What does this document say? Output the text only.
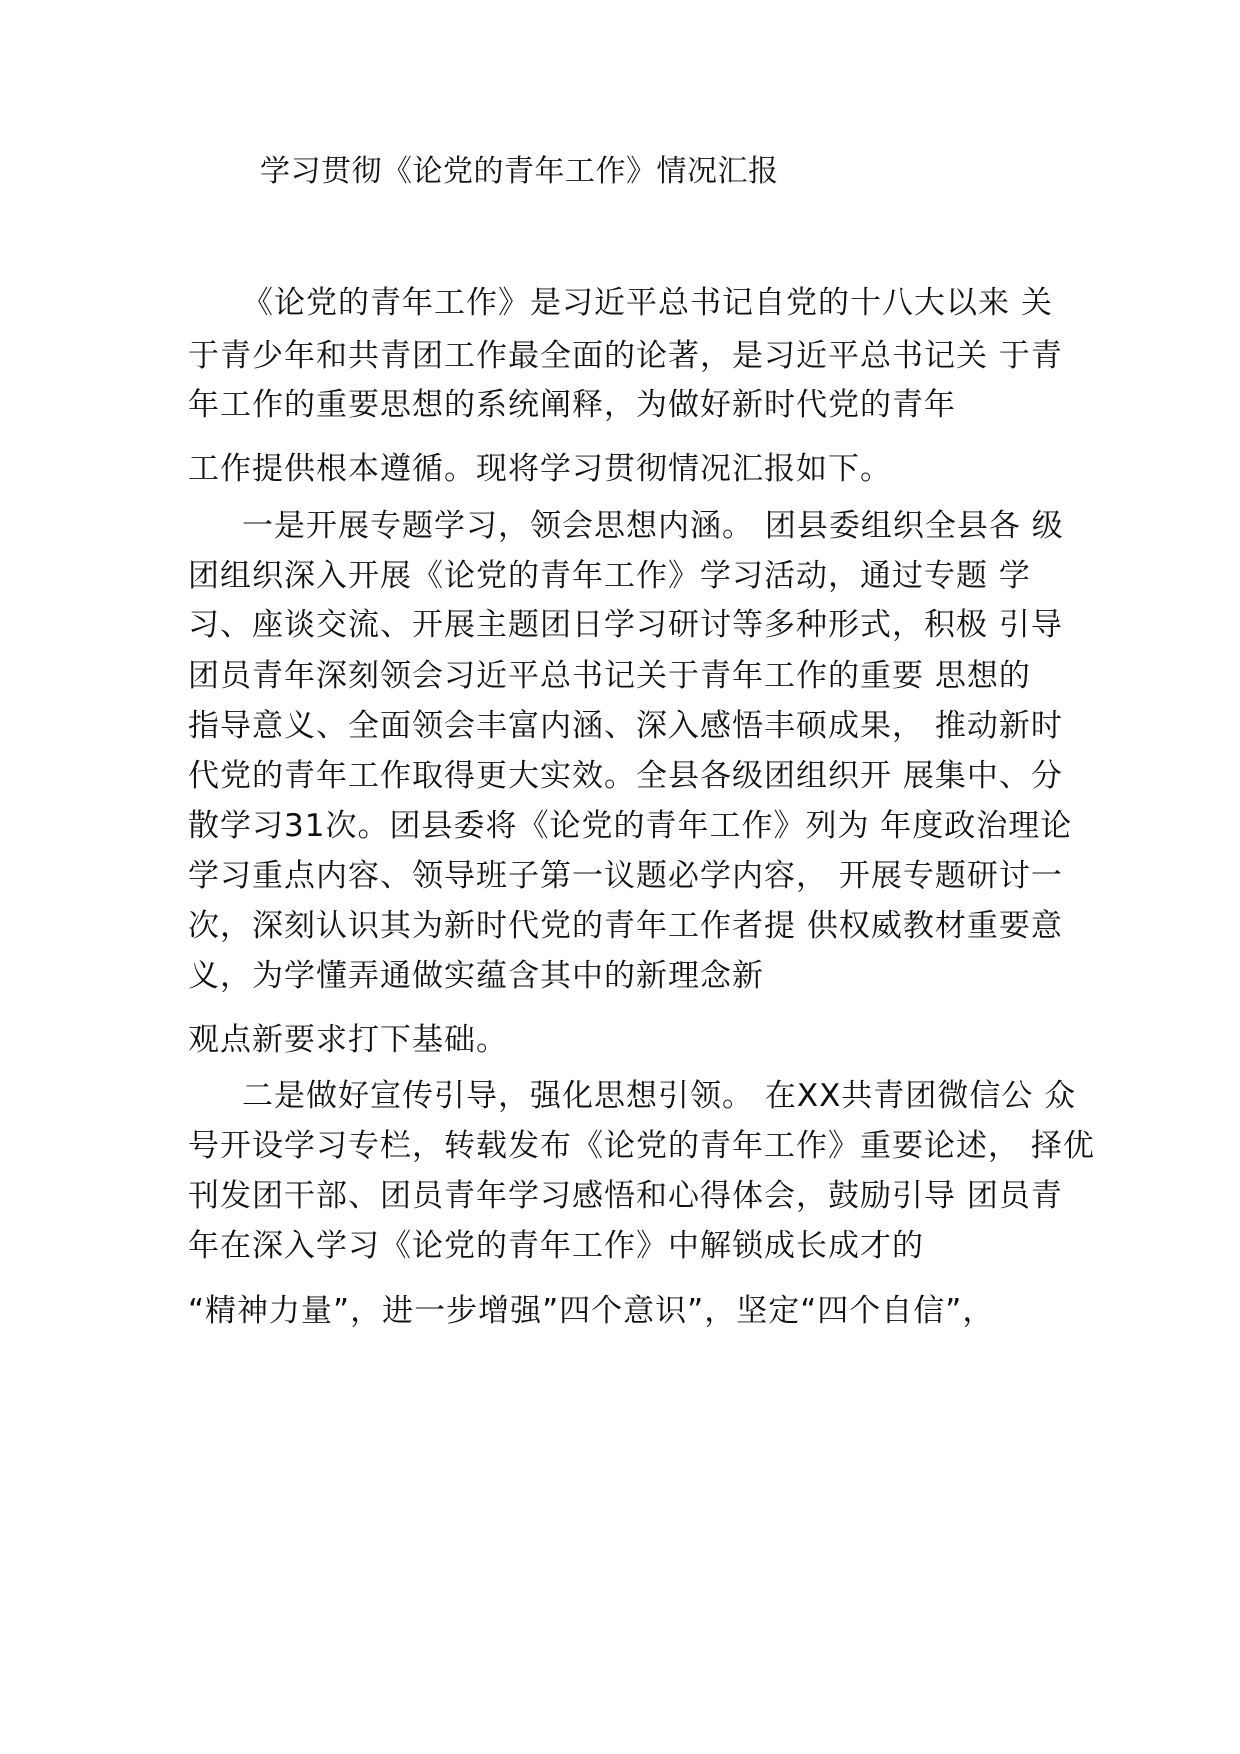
学习贯彻《论党的青年工作》情况汇报
《论党的青年工作》是习近平总书记自党的十八大以来 关
于青少年和共青团工作最全面的论著，是习近平总书记关 于青
年工作的重要思想的系统阐释，为做好新时代党的青年
工作提供根本遵循。现将学习贯彻情况汇报如下。
一是开展专题学习，领会思想内涵。 团县委组织全县各 级
团组织深入开展《论党的青年工作》学习活动，通过专题 学
习、座谈交流、开展主题团日学习研讨等多种形式，积极 引导
团员青年深刻领会习近平总书记关于青年工作的重要 思想的
指导意义、全面领会丰富内涵、深入感悟丰硕成果， 推动新时
代党的青年工作取得更大实效。全县各级团组织开 展集中、分
散学习31次。团县委将《论党的青年工作》列为 年度政治理论
学习重点内容、领导班子第一议题必学内容， 开展专题研讨一
次，深刻认识其为新时代党的青年工作者提 供权威教材重要意
义，为学懂弄通做实蕴含其中的新理念新
观点新要求打下基础。
二是做好宣传引导，强化思想引领。 在XX共青团微信公 众
号开设学习专栏，转载发布《论党的青年工作》重要论述， 择优
刊发团干部、团员青年学习感悟和心得体会，鼓励引导 团员青
年在深入学习《论党的青年工作》中解锁成长成才的
“精神力量”，进一步增强”四个意识”，坚定“四个自信”，
